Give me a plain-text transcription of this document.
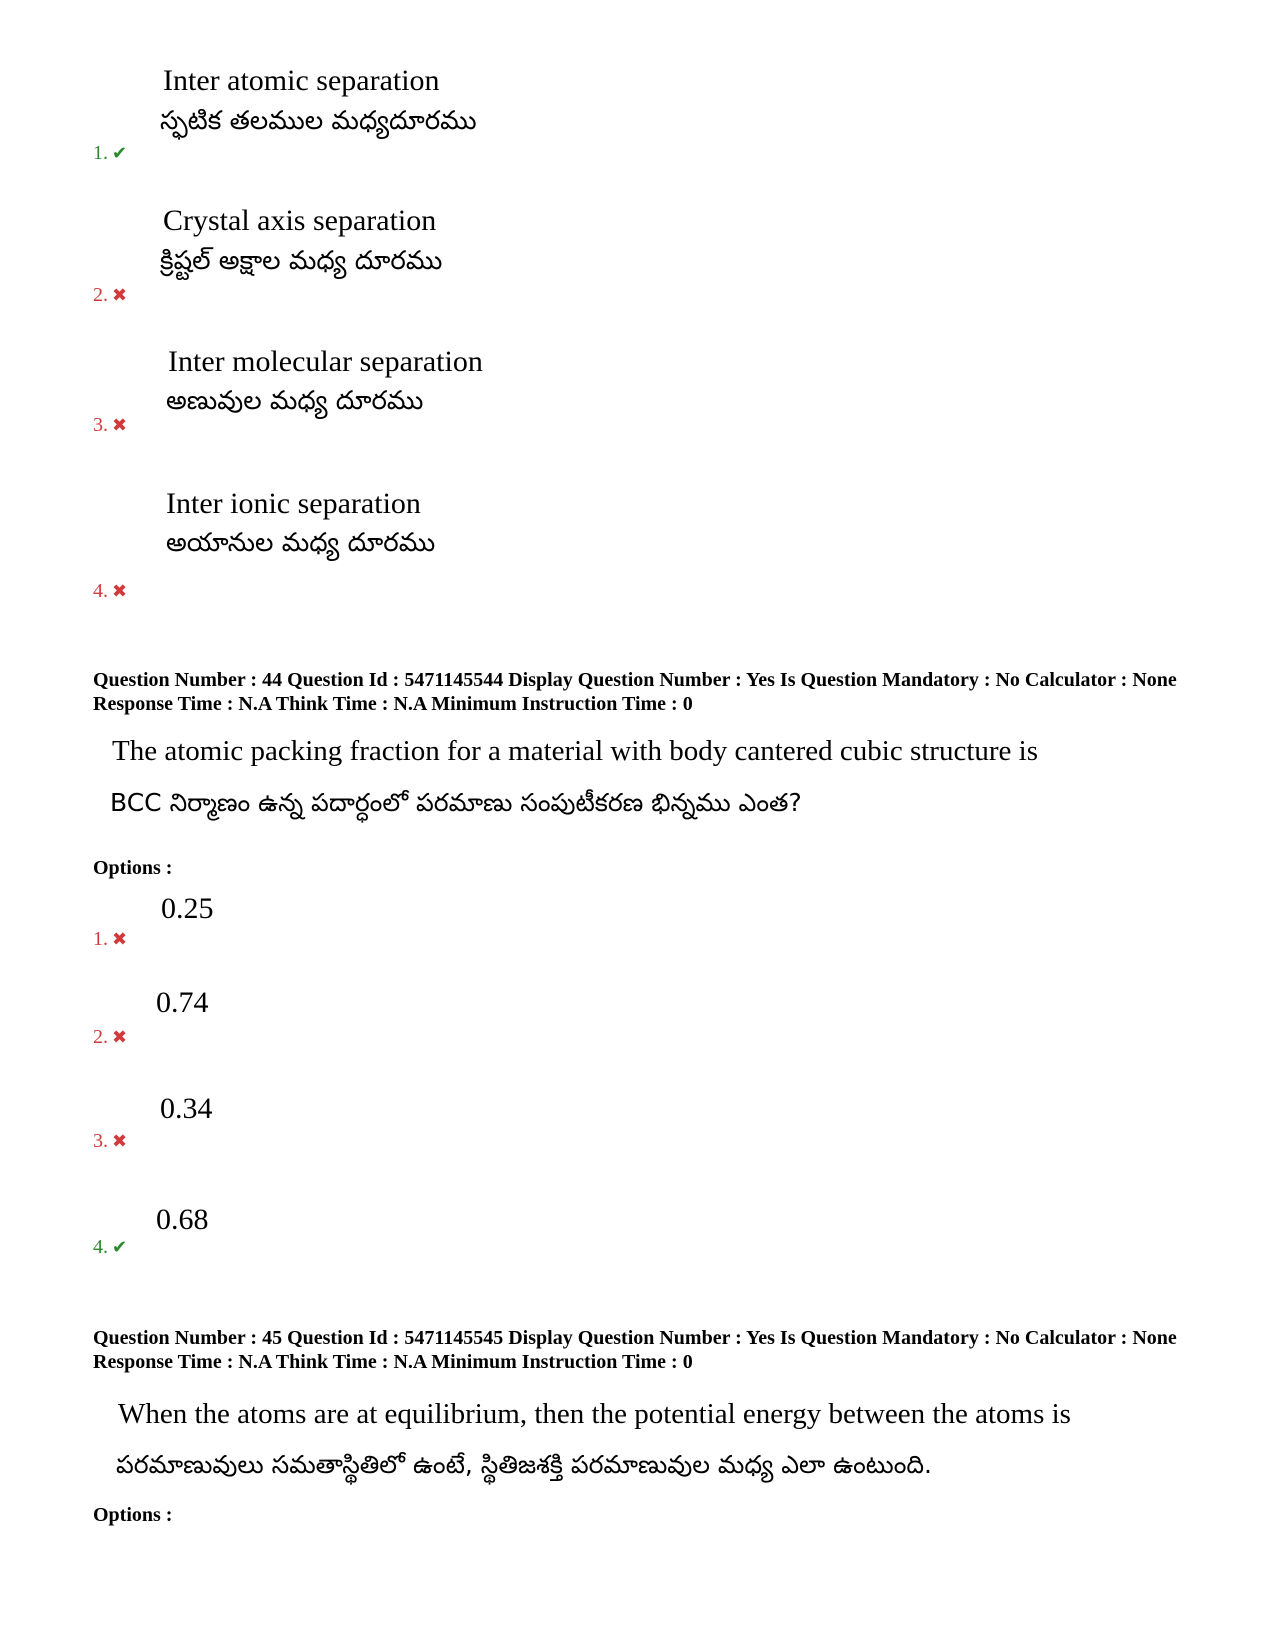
Inter atomic separation
స్ఫటిక తలముల మధ్యదూరము
1. ✔
Crystal axis separation
క్రిష్టల్ అక్షాల మధ్య దూరము
2. ✖
Inter molecular separation
అణువుల మధ్య దూరము
3. ✖
Inter ionic separation
అయానుల మధ్య దూరము
4. ✖
Question Number : 44 Question Id : 5471145544 Display Question Number : Yes Is Question Mandatory : No Calculator : None Response Time : N.A Think Time : N.A Minimum Instruction Time : 0
The atomic packing fraction for a material with body cantered cubic structure is
BCC నిర్మాణం ఉన్న పదార్ధంలో పరమాణు సంపుటీకరణ భిన్నము ఎంత?
Options :
0.25
1. ✖
0.74
2. ✖
0.34
3. ✖
0.68
4. ✔
Question Number : 45 Question Id : 5471145545 Display Question Number : Yes Is Question Mandatory : No Calculator : None Response Time : N.A Think Time : N.A Minimum Instruction Time : 0
When the atoms are at equilibrium, then the potential energy between the atoms is
పరమాణువులు సమతాస్థితిలో ఉంటే, స్థితిజశక్తి పరమాణువుల మధ్య ఎలా ఉంటుంది.
Options :
